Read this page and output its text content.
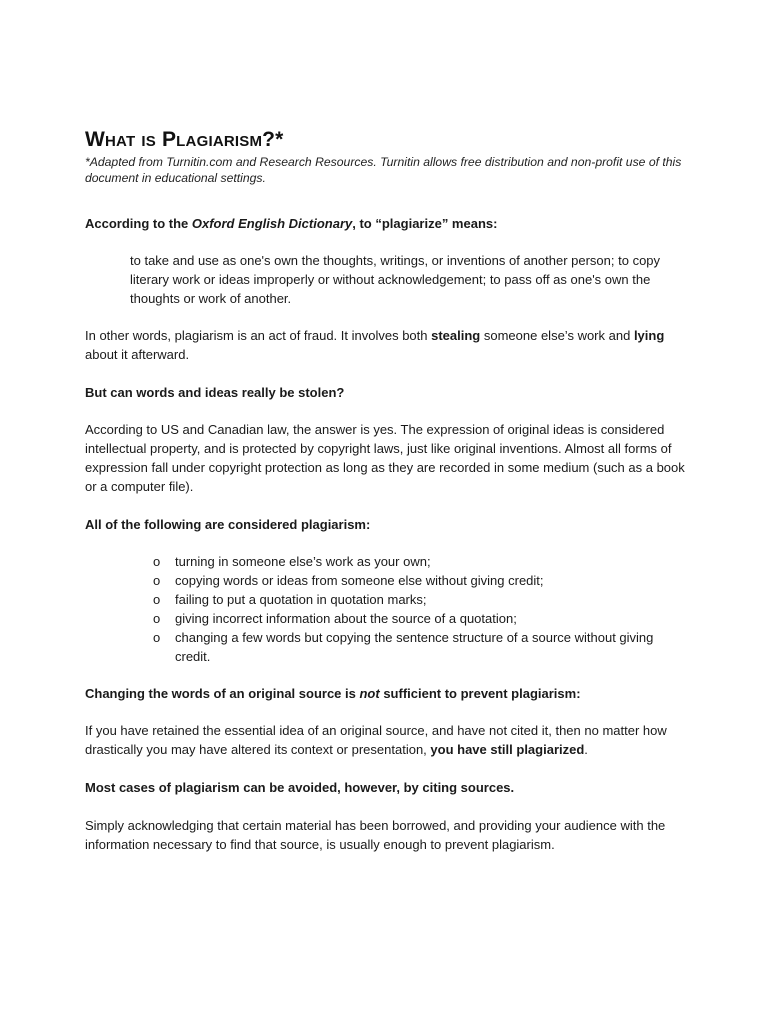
What is Plagiarism?*

*Adapted from Turnitin.com and Research Resources. Turnitin allows free distribution and non-profit use of this document in educational settings.

According to the Oxford English Dictionary, to “plagiarize” means:

to take and use as one's own the thoughts, writings, or inventions of another person; to copy literary work or ideas improperly or without acknowledgement; to pass off as one's own the thoughts or work of another.

In other words, plagiarism is an act of fraud. It involves both stealing someone else’s work and lying about it afterward.

But can words and ideas really be stolen?

According to US and Canadian law, the answer is yes. The expression of original ideas is considered intellectual property, and is protected by copyright laws, just like original inventions. Almost all forms of expression fall under copyright protection as long as they are recorded in some medium (such as a book or a computer file).

All of the following are considered plagiarism:

o turning in someone else’s work as your own;
o copying words or ideas from someone else without giving credit;
o failing to put a quotation in quotation marks;
o giving incorrect information about the source of a quotation;
o changing a few words but copying the sentence structure of a source without giving credit.

Changing the words of an original source is not sufficient to prevent plagiarism:

If you have retained the essential idea of an original source, and have not cited it, then no matter how drastically you may have altered its context or presentation, you have still plagiarized.

Most cases of plagiarism can be avoided, however, by citing sources.

Simply acknowledging that certain material has been borrowed, and providing your audience with the information necessary to find that source, is usually enough to prevent plagiarism.
